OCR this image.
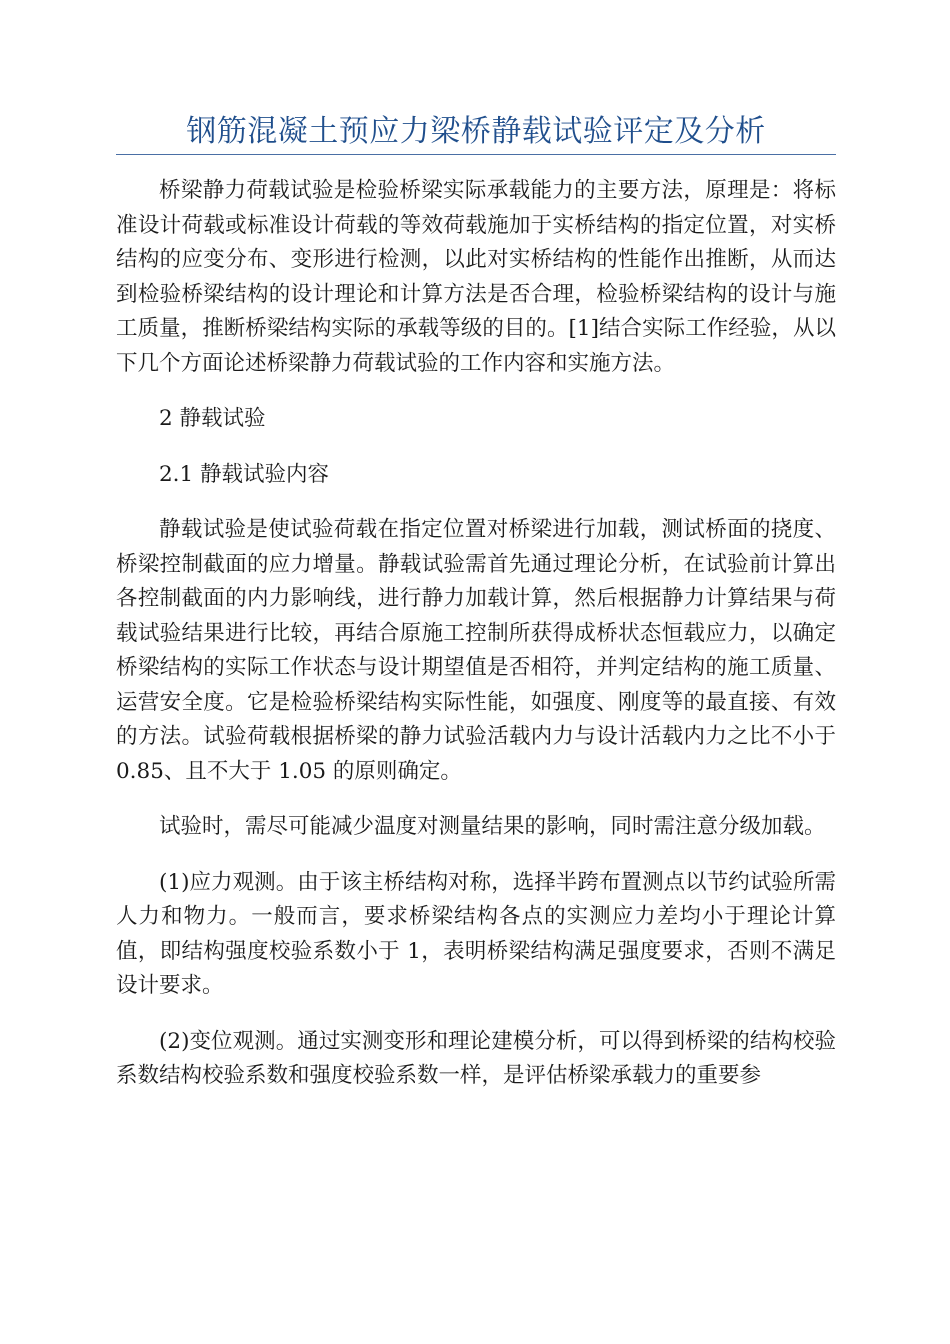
钢筋混凝土预应力梁桥静载试验评定及分析

桥梁静力荷载试验是检验桥梁实际承载能力的主要方法，原理是：将标准设计荷载或标准设计荷载的等效荷载施加于实桥结构的指定位置，对实桥结构的应变分布、变形进行检测，以此对实桥结构的性能作出推断，从而达到检验桥梁结构的设计理论和计算方法是否合理，检验桥梁结构的设计与施工质量，推断桥梁结构实际的承载等级的目的。[1]结合实际工作经验，从以下几个方面论述桥梁静力荷载试验的工作内容和实施方法。

2 静载试验

2.1 静载试验内容

静载试验是使试验荷载在指定位置对桥梁进行加载，测试桥面的挠度、桥梁控制截面的应力增量。静载试验需首先通过理论分析，在试验前计算出各控制截面的内力影响线，进行静力加载计算，然后根据静力计算结果与荷载试验结果进行比较，再结合原施工控制所获得成桥状态恒载应力，以确定桥梁结构的实际工作状态与设计期望值是否相符，并判定结构的施工质量、运营安全度。它是检验桥梁结构实际性能，如强度、刚度等的最直接、有效的方法。试验荷载根据桥梁的静力试验活载内力与设计活载内力之比不小于 0.85、且不大于 1.05 的原则确定。

试验时，需尽可能减少温度对测量结果的影响，同时需注意分级加载。

(1)应力观测。由于该主桥结构对称，选择半跨布置测点以节约试验所需人力和物力。一般而言，要求桥梁结构各点的实测应力差均小于理论计算值，即结构强度校验系数小于 1，表明桥梁结构满足强度要求，否则不满足设计要求。

(2)变位观测。通过实测变形和理论建模分析，可以得到桥梁的结构校验系数结构校验系数和强度校验系数一样，是评估桥梁承载力的重要参
